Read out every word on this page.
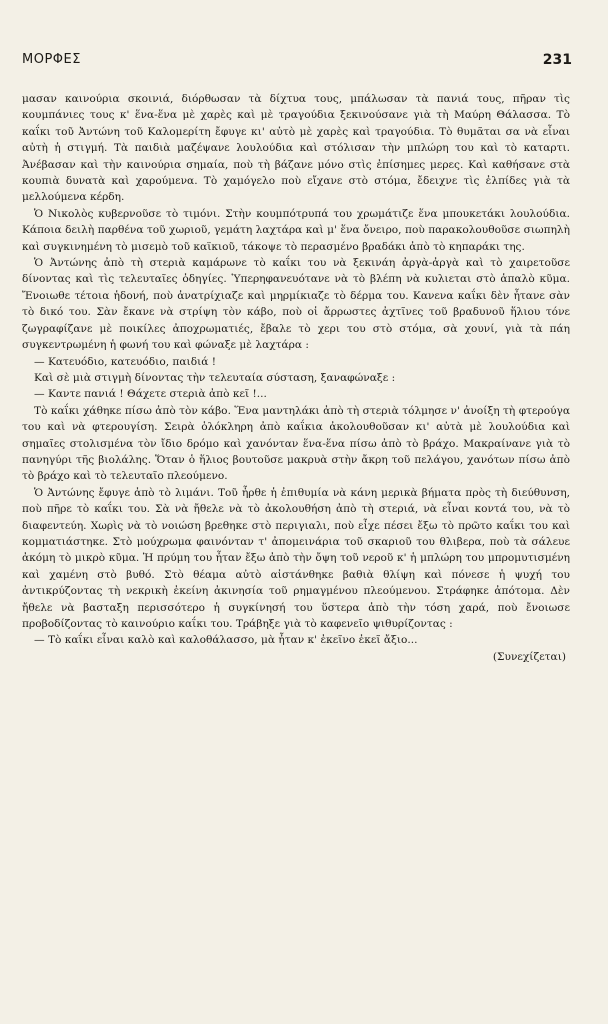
ΜΟΡΦΕΣ	231

μασαν καινούρια σκοινιά, διόρθωσαν τὰ δίχτυα τους, μπάλωσαν τὰ πανιά τους, πῆραν τὶς κουμπάνιες τους κ' ἕνα-ἕνα μὲ χαρὲς καὶ μὲ τραγούδια ξεκινούσανε γιὰ τὴ Μαύρη Θάλασσα. Τὸ καΐκι τοῦ Ἀντώνη τοῦ Καλομερίτη ἔφυγε κι' αὐτὸ μὲ χαρὲς καὶ τραγούδια. Τὸ θυμᾶται σα νὰ εἶναι αὐτὴ ἡ στιγμή. Τὰ παιδιὰ μαζέψανε λουλούδια καὶ στόλισαν τὴν μπλώρη του καὶ τὸ καταρτι. Ἀνέβασαν καὶ τὴν καινούρια σημαία, ποὺ τὴ βάζανε μόνο στὶς ἐπίσημες μερες. Καὶ καθήσανε στὰ κουπιὰ δυνατὰ καὶ χαρούμενα. Τὸ χαμόγελο ποὺ εἴχανε στὸ στόμα, ἔδειχνε τὶς ἐλπίδες γιὰ τὰ μελλούμενα κέρδη.

Ὁ Νικολὸς κυβερνοῦσε τὸ τιμόνι. Στὴν κουμπότρυπά του χρωμάτιζε ἕνα μπουκετάκι λουλούδια. Κάποια δειλὴ παρθένα τοῦ χωριοῦ, γεμάτη λαχτάρα καὶ μ' ἕνα ὄνειρο, ποὺ παρακολουθοῦσε σιωπηλὴ καὶ συγκινημένη τὸ μισεμὸ τοῦ καϊκιοῦ, τάκοψε τὸ περασμένο βραδάκι ἀπὸ τὸ κηπαράκι της.

Ὁ Ἀντώνης ἀπὸ τὴ στεριὰ καμάρωνε τὸ καΐκι του νὰ ξεκινάη ἀργὰ-ἀργὰ καὶ τὸ χαιρετοῦσε δίνοντας καὶ τὶς τελευταῖες ὁδηγίες. Ὑπερηφανευότανε νὰ τὸ βλέπη νὰ κυλιεται στὸ ἁπαλὸ κῦμα. Ἔνοιωθε τέτοια ἡδονή, ποὺ ἀνατρίχιαζε καὶ μηρμίκιαζε τὸ δέρμα του. Κανενα καΐκι δὲν ἦτανε σὰν τὸ δικό του. Σὰν ἔκανε νὰ στρίψη τὸν κάβο, ποὺ οἱ ἄρρωστες ἀχτῖνες τοῦ βραδυνοῦ ἥλιου τόνε ζωγραφίζανε μὲ ποικίλες ἀποχρωματιές, ἔβαλε τὸ χερι του στὸ στόμα, σὰ χουνί, γιὰ τὰ πάη συγκεντρωμένη ἡ φωνή του καὶ φώναξε μὲ λαχτάρα :

— Κατευόδιο, κατευόδιο, παιδιά !

Καὶ σὲ μιὰ στιγμὴ δίνοντας τὴν τελευταία σύσταση, ξαναφώναξε :

— Καντε πανιά ! Θάχετε στεριὰ ἀπὸ κεῖ !...

Τὸ καΐκι χάθηκε πίσω ἀπὸ τὸν κάβο. Ἕνα μαντηλάκι ἀπὸ τὴ στεριὰ τόλμησε ν' ἀνοίξη τὴ φτερούγα του καὶ νὰ φτερουγίση. Σειρὰ ὁλόκληρη ἀπὸ καΐκια ἀκολουθοῦσαν κι' αὐτὰ μὲ λουλούδια καὶ σημαῖες στολισμένα τὸν ἴδιο δρόμο καὶ χανόνταν ἕνα-ἕνα πίσω ἀπὸ τὸ βράχο. Μακραίνανε γιὰ τὸ πανηγύρι τῆς βιολάλης. Ὅταν ὁ ἥλιος βουτοῦσε μακρυὰ στὴν ἄκρη τοῦ πελάγου, χανότων πίσω ἀπὸ τὸ βράχο καὶ τὸ τελευταῖο πλεούμενο.

Ὁ Ἀντώνης ἔφυγε ἀπὸ τὸ λιμάνι. Τοῦ ἦρθε ἡ ἐπιθυμία νὰ κάνη μερικὰ βήματα πρὸς τὴ διεύθυνση, ποὺ πῆρε τὸ καΐκι του. Σὰ νὰ ἤθελε νὰ τὸ ἀκολουθήση ἀπὸ τὴ στεριά, νὰ εἶναι κοντά του, νὰ τὸ διαφεντεύη. Χωρὶς νὰ τὸ νοιώση βρεθηκε στὸ περιγιαλι, ποὺ εἶχε πέσει ἔξω τὸ πρῶτο καΐκι του καὶ κομματιάστηκε. Στὸ μούχρωμα φαινόνταν τ' ἀπομεινάρια τοῦ σκαριοῦ του θλιβερα, ποὺ τὰ σάλευε ἀκόμη τὸ μικρὸ κῦμα. Ἡ πρύμη του ἦταν ἔξω ἀπὸ τὴν ὄψη τοῦ νεροῦ κ' ἡ μπλώρη του μπρομυτισμένη καὶ χαμένη στὸ βυθό. Στὸ θέαμα αὐτὸ αἰστάνθηκε βαθιὰ θλίψη καὶ πόνεσε ἡ ψυχή του ἀντικρύζοντας τὴ νεκρικὴ ἐκείνη ἀκινησία τοῦ ρημαγμένου πλεούμενου. Στράφηκε ἀπότομα. Δὲν ἤθελε νὰ βασταξη περισσότερο ἡ συγκίνησή του ὕστερα ἀπὸ τὴν τόση χαρά, ποὺ ἔνοιωσε προβοδίζοντας τὸ καινούριο καΐκι του. Τράβηξε γιὰ τὸ καφενεῖο ψιθυρίζοντας :

— Τὸ καΐκι εἶναι καλὸ καὶ καλοθάλασσο, μὰ ἦταν κ' ἐκεῖνο ἐκεῖ ἄξιο...

(Συνεχίζεται)
